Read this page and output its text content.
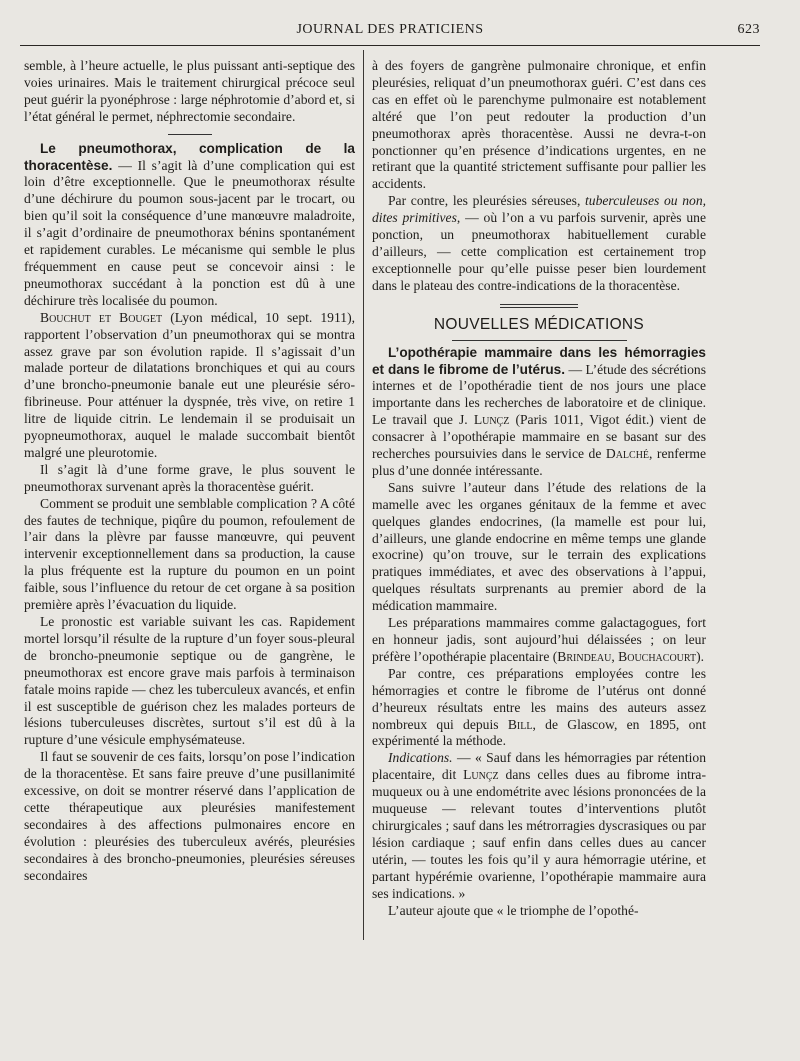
JOURNAL DES PRATICIENS	623

semble, à l’heure actuelle, le plus puissant anti-septique des voies urinaires. Mais le traitement chirurgical précoce seul peut guérir la pyonéphrose : large néphrotomie d’abord et, si l’état général le permet, néphrectomie secondaire.

Le pneumothorax, complication de la thoracentèse. — Il s’agit là d’une complication qui est loin d’être exceptionnelle. Que le pneumothorax résulte d’une déchirure du poumon sous-jacent par le trocart, ou bien qu’il soit la conséquence d’une manœuvre maladroite, il s’agit d’ordinaire de pneumothorax bénins spontanément et rapidement curables. Le mécanisme qui semble le plus fréquemment en cause peut se concevoir ainsi : le pneumothorax succédant à la ponction est dû à une déchirure très localisée du poumon.

Bouchut et Bouget (Lyon médical, 10 sept. 1911), rapportent l’observation d’un pneumothorax qui se montra assez grave par son évolution rapide. Il s’agissait d’un malade porteur de dilatations bronchiques et qui au cours d’une broncho-pneumonie banale eut une pleurésie séro-fibrineuse. Pour atténuer la dyspnée, très vive, on retire 1 litre de liquide citrin. Le lendemain il se produisait un pyopneumothorax, auquel le malade succombait bientôt malgré une pleurotomie.

Il s’agit là d’une forme grave, le plus souvent le pneumothorax survenant après la thoracentèse guérit.

Comment se produit une semblable complication ? A côté des fautes de technique, piqûre du poumon, refoulement de l’air dans la plèvre par fausse manœuvre, qui peuvent intervenir exceptionnellement dans sa production, la cause la plus fréquente est la rupture du poumon en un point faible, sous l’influence du retour de cet organe à sa position première après l’évacuation du liquide.

Le pronostic est variable suivant les cas. Rapidement mortel lorsqu’il résulte de la rupture d’un foyer sous-pleural de broncho-pneumonie septique ou de gangrène, le pneumothorax est encore grave mais parfois à terminaison fatale moins rapide — chez les tuberculeux avancés, et enfin il est susceptible de guérison chez les malades porteurs de lésions tuberculeuses discrètes, surtout s’il est dû à la rupture d’une vésicule emphysémateuse.

Il faut se souvenir de ces faits, lorsqu’on pose l’indication de la thoracentèse. Et sans faire preuve d’une pusillanimité excessive, on doit se montrer réservé dans l’application de cette thérapeutique aux pleurésies manifestement secondaires à des affections pulmonaires encore en évolution : pleurésies des tuberculeux avérés, pleurésies secondaires à des broncho-pneumonies, pleurésies séreuses secondaires

à des foyers de gangrène pulmonaire chronique, et enfin pleurésies, reliquat d’un pneumothorax guéri. C’est dans ces cas en effet où le parenchyme pulmonaire est notablement altéré que l’on peut redouter la production d’un pneumothorax après thoracentèse. Aussi ne devra-t-on ponctionner qu’en présence d’indications urgentes, en ne retirant que la quantité strictement suffisante pour pallier les accidents.

Par contre, les pleurésies séreuses, tuberculeuses ou non, dites primitives, — où l’on a vu parfois survenir, après une ponction, un pneumothorax habituellement curable d’ailleurs, — cette complication est certainement trop exceptionnelle pour qu’elle puisse peser bien lourdement dans le plateau des contre-indications de la thoracentèse.

NOUVELLES MÉDICATIONS

L’opothérapie mammaire dans les hémorragies et dans le fibrome de l’utérus. — L’étude des sécrétions internes et de l’opothéradie tient de nos jours une place importante dans les recherches de laboratoire et de clinique. Le travail que J. Lunçz (Paris 1011, Vigot édit.) vient de consacrer à l’opothérapie mammaire en se basant sur des recherches poursuivies dans le service de Dalché, renferme plus d’une donnée intéressante.

Sans suivre l’auteur dans l’étude des relations de la mamelle avec les organes génitaux de la femme et avec quelques glandes endocrines, (la mamelle est pour lui, d’ailleurs, une glande endocrine en même temps une glande exocrine) qu’on trouve, sur le terrain des explications pratiques immédiates, et avec des observations à l’appui, quelques résultats surprenants au premier abord de la médication mammaire.

Les préparations mammaires comme galactagogues, fort en honneur jadis, sont aujourd’hui délaissées ; on leur préfère l’opothérapie placentaire (Brindeau, Bouchacourt).

Par contre, ces préparations employées contre les hémorragies et contre le fibrome de l’utérus ont donné d’heureux résultats entre les mains des auteurs assez nombreux qui depuis Bill, de Glascow, en 1895, ont expérimenté la méthode.

Indications. — « Sauf dans les hémorragies par rétention placentaire, dit Lunçz dans celles dues au fibrome intra-muqueux ou à une endométrite avec lésions prononcées de la muqueuse — relevant toutes d’interventions plutôt chirurgicales ; sauf dans les métrorragies dyscrasiques ou par lésion cardiaque ; sauf enfin dans celles dues au cancer utérin, — toutes les fois qu’il y aura hémorragie utérine, et partant hypérémie ovarienne, l’opothérapie mammaire aura ses indications. »

L’auteur ajoute que « le triomphe de l’opothé-
